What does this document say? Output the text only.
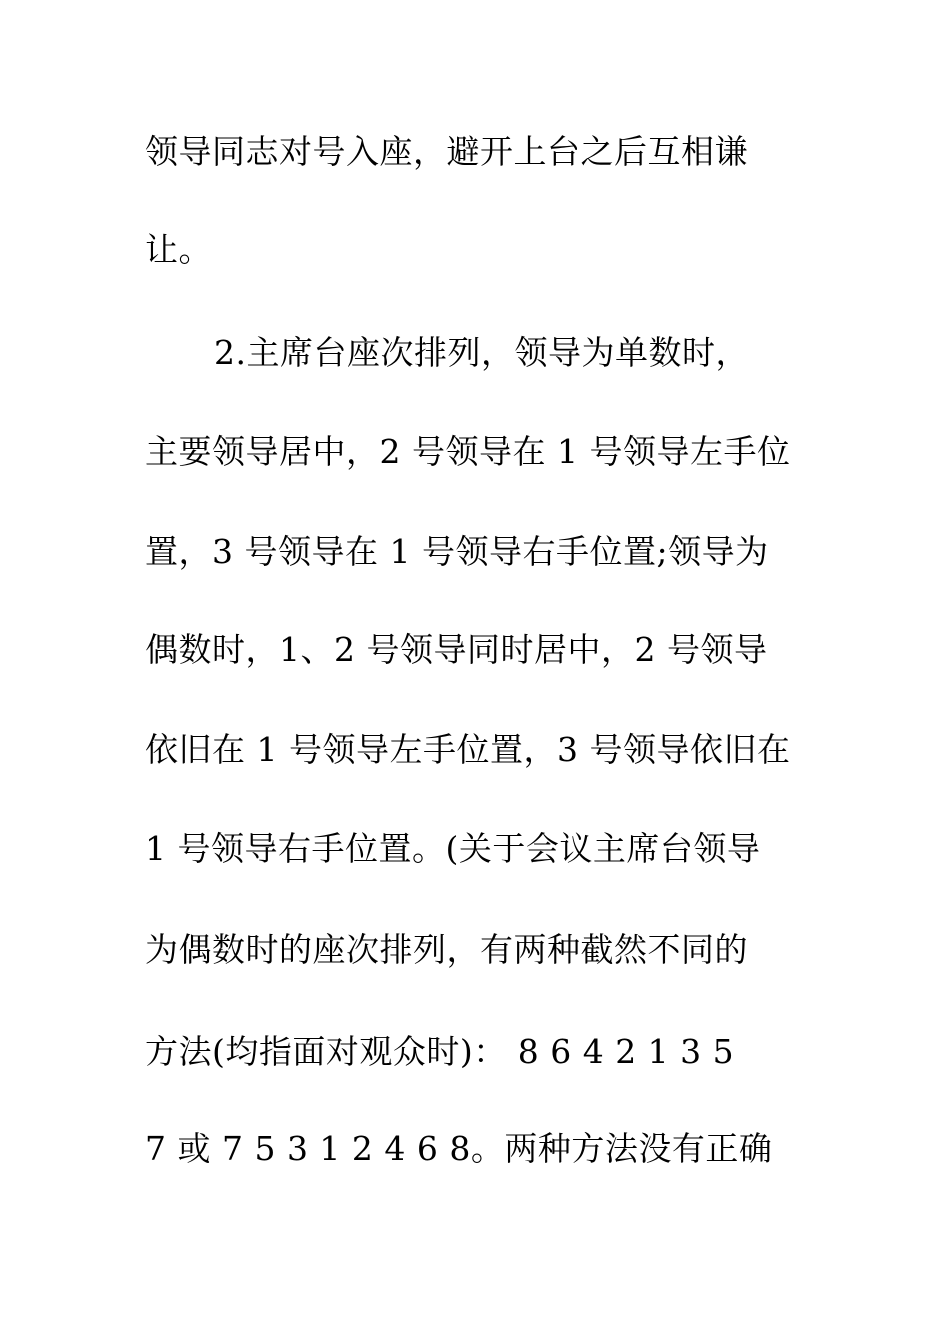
领导同志对号入座，避开上台之后互相谦
让。
2.主席台座次排列，领导为单数时，
主要领导居中，2 号领导在 1 号领导左手位
置，3 号领导在 1 号领导右手位置;领导为
偶数时，1、2 号领导同时居中，2 号领导
依旧在 1 号领导左手位置，3 号领导依旧在
1 号领导右手位置。(关于会议主席台领导
为偶数时的座次排列，有两种截然不同的
方法(均指面对观众时)： 8 6 4 2 1 3 5
7 或 7 5 3 1 2 4 6 8。两种方法没有正确
